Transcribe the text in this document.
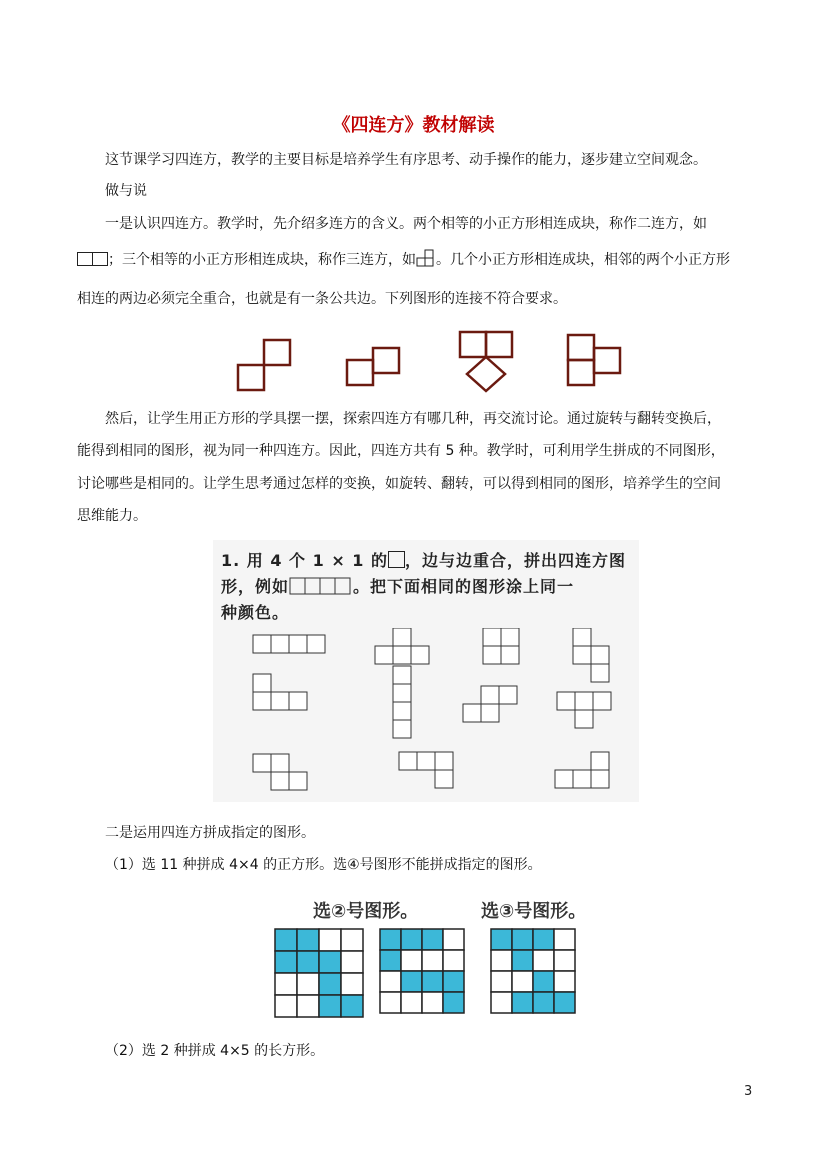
《四连方》教材解读
这节课学习四连方，教学的主要目标是培养学生有序思考、动手操作的能力，逐步建立空间观念。
做与说
一是认识四连方。教学时，先介绍多连方的含义。两个相等的小正方形相连成块，称作二连方，如
；三个相等的小正方形相连成块，称作三连方，如 。几个小正方形相连成块，相邻的两个小正方形
相连的两边必须完全重合，也就是有一条公共边。下列图形的连接不符合要求。
然后，让学生用正方形的学具摆一摆，探索四连方有哪几种，再交流讨论。通过旋转与翻转变换后，
能得到相同的图形，视为同一种四连方。因此，四连方共有 5 种。教学时，可利用学生拼成的不同图形，
讨论哪些是相同的。让学生思考通过怎样的变换，如旋转、翻转，可以得到相同的图形，培养学生的空间
思维能力。
1. 用 4 个 1 × 1 的 ，边与边重合，拼出四连方图
形，例如	。把下面相同的图形涂上同一
种颜色。
二是运用四连方拼成指定的图形。
（1）选 11 种拼成 4×4 的正方形。选④号图形不能拼成指定的图形。
选②号图形。	选③号图形。
（2）选 2 种拼成 4×5 的长方形。
3
